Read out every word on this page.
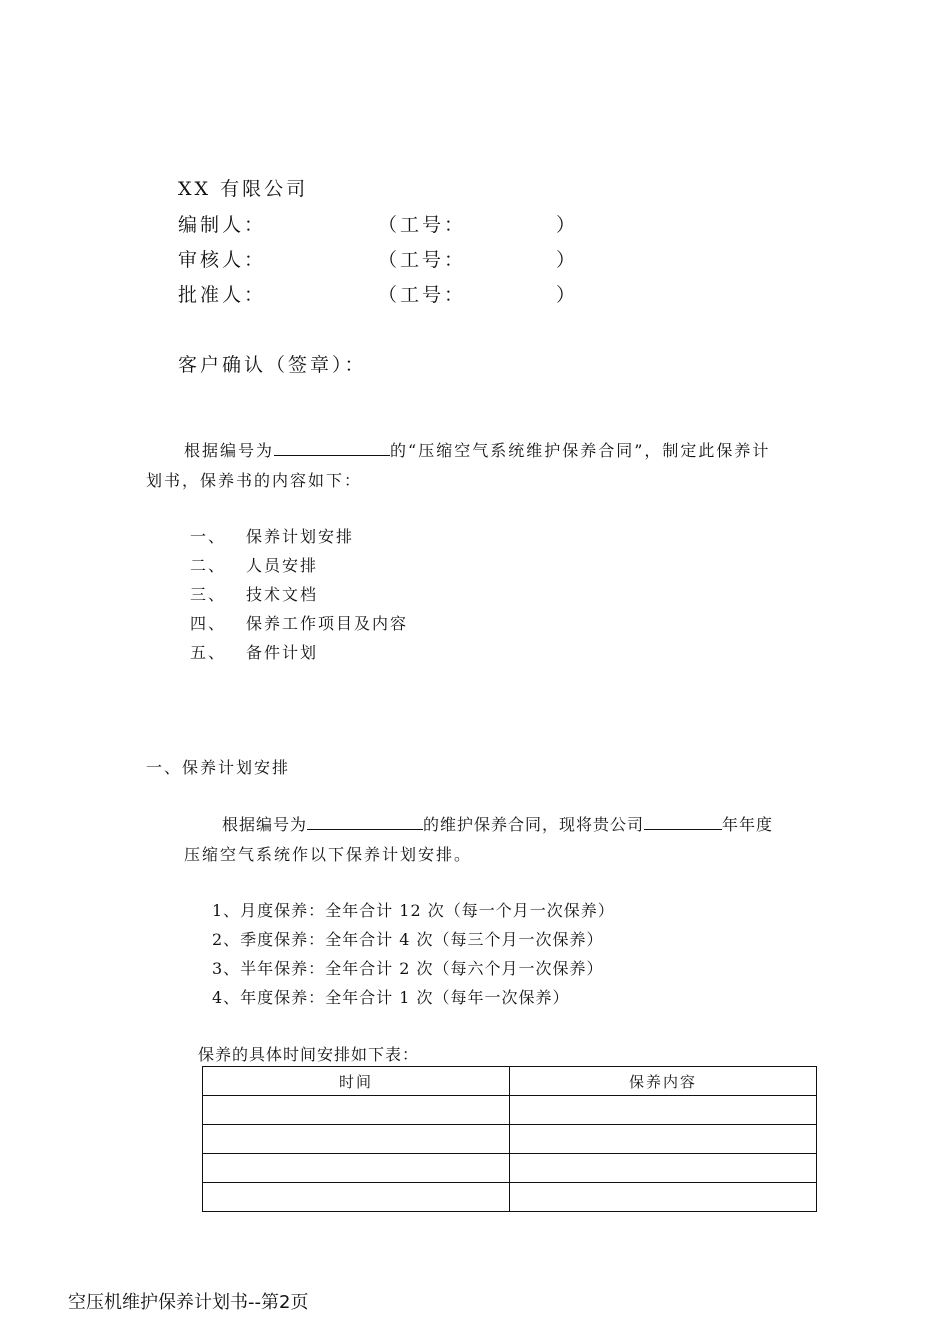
XX 有限公司
编制人：	（工号：	）
审核人：	（工号：	）
批准人：	（工号：	）
客户确认（签章）：
根据编号为	的“压缩空气系统维护保养合同”，制定此保养计
划书，保养书的内容如下：
一、 保养计划安排
二、 人员安排
三、 技术文档
四、 保养工作项目及内容
五、 备件计划
一、保养计划安排
根据编号为	的维护保养合同，现将贵公司	年年度
压缩空气系统作以下保养计划安排。
1、月度保养：全年合计 12 次（每一个月一次保养）
2、季度保养：全年合计 4 次（每三个月一次保养）
3、半年保养：全年合计 2 次（每六个月一次保养）
4、年度保养：全年合计 1 次（每年一次保养）
保养的具体时间安排如下表：
时间	保养内容

空压机维护保养计划书--第2页
